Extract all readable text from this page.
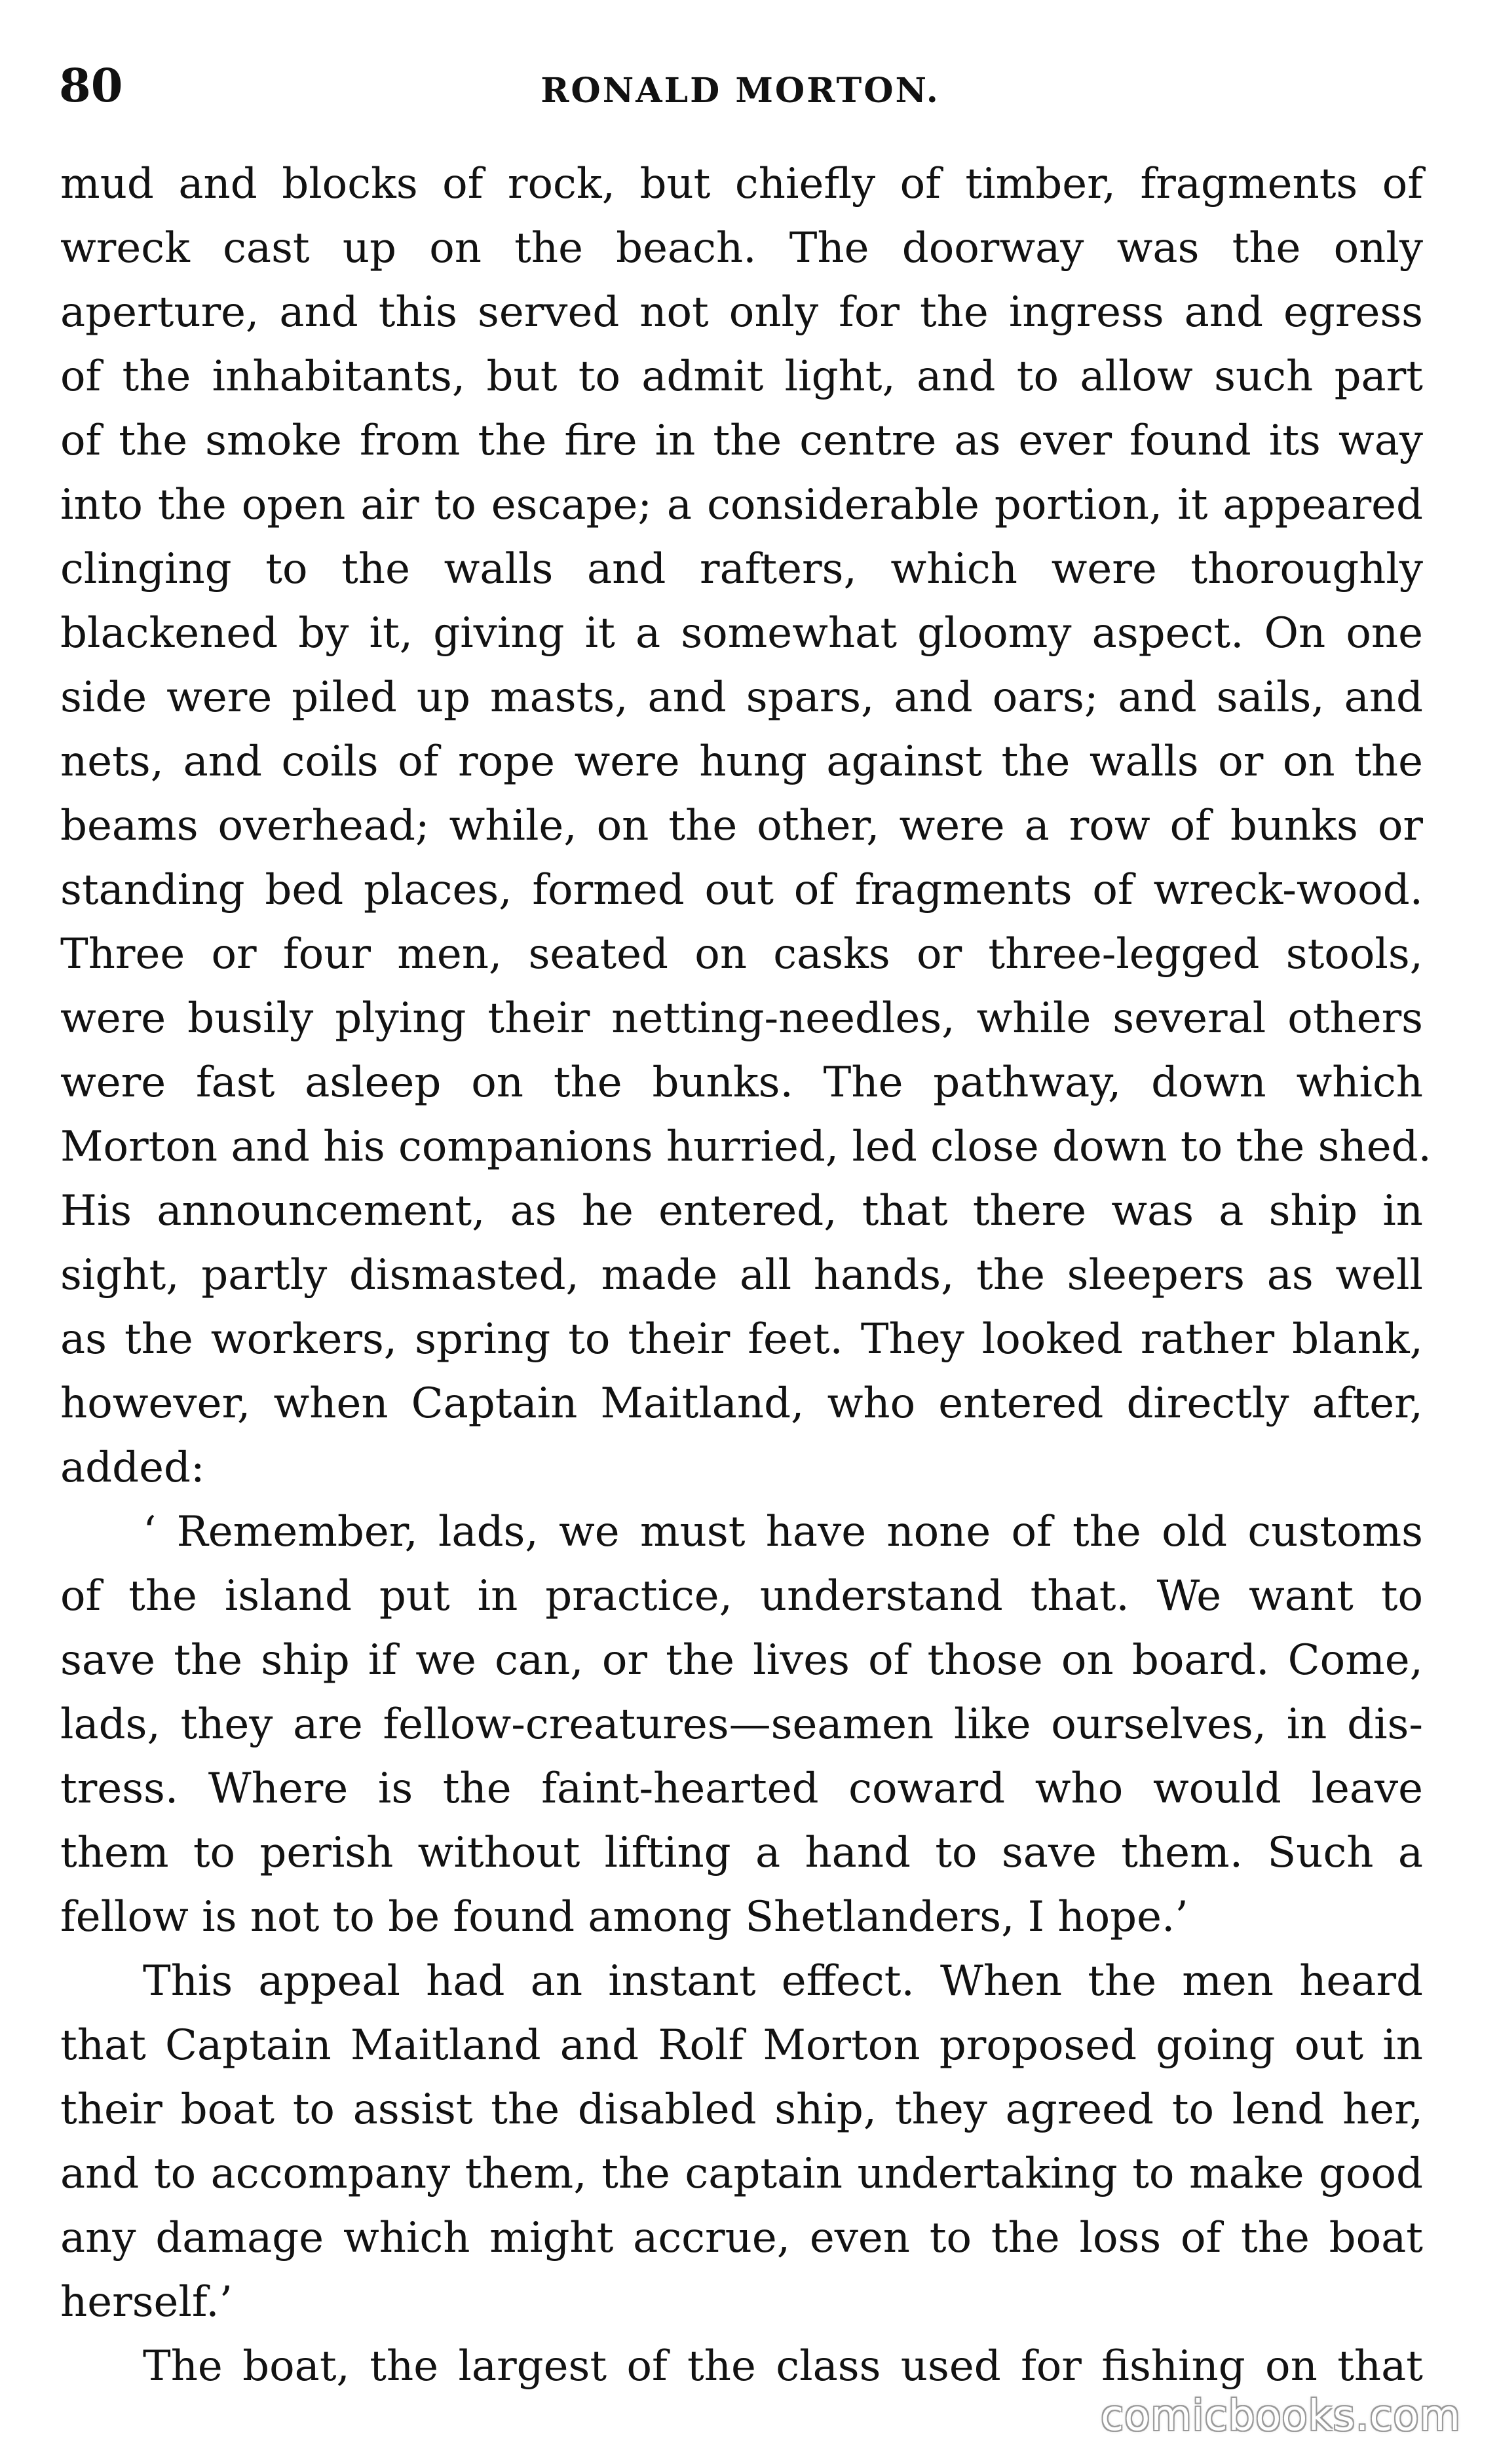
80	RONALD MORTON.
mud and blocks of rock, but chiefly of timber, fragments of
wreck cast up on the beach. The doorway was the only
aperture, and this served not only for the ingress and egress
of the inhabitants, but to admit light, and to allow such part
of the smoke from the fire in the centre as ever found its way
into the open air to escape; a considerable portion, it appeared
clinging to the walls and rafters, which were thoroughly
blackened by it, giving it a somewhat gloomy aspect. On one
side were piled up masts, and spars, and oars; and sails, and
nets, and coils of rope were hung against the walls or on the
beams overhead; while, on the other, were a row of bunks or
standing bed places, formed out of fragments of wreck-wood.
Three or four men, seated on casks or three-legged stools,
were busily plying their netting-needles, while several others
were fast asleep on the bunks. The pathway, down which
Morton and his companions hurried, led close down to the shed.
His announcement, as he entered, that there was a ship in
sight, partly dismasted, made all hands, the sleepers as well
as the workers, spring to their feet. They looked rather blank,
however, when Captain Maitland, who entered directly after,
added:
‘ Remember, lads, we must have none of the old customs
of the island put in practice, understand that. We want to
save the ship if we can, or the lives of those on board. Come,
lads, they are fellow-creatures—seamen like ourselves, in dis-
tress. Where is the faint-hearted coward who would leave
them to perish without lifting a hand to save them. Such a
fellow is not to be found among Shetlanders, I hope.’
This appeal had an instant effect. When the men heard
that Captain Maitland and Rolf Morton proposed going out in
their boat to assist the disabled ship, they agreed to lend her,
and to accompany them, the captain undertaking to make good
any damage which might accrue, even to the loss of the boat
herself.’
The boat, the largest of the class used for fishing on that
comicbooks.com
